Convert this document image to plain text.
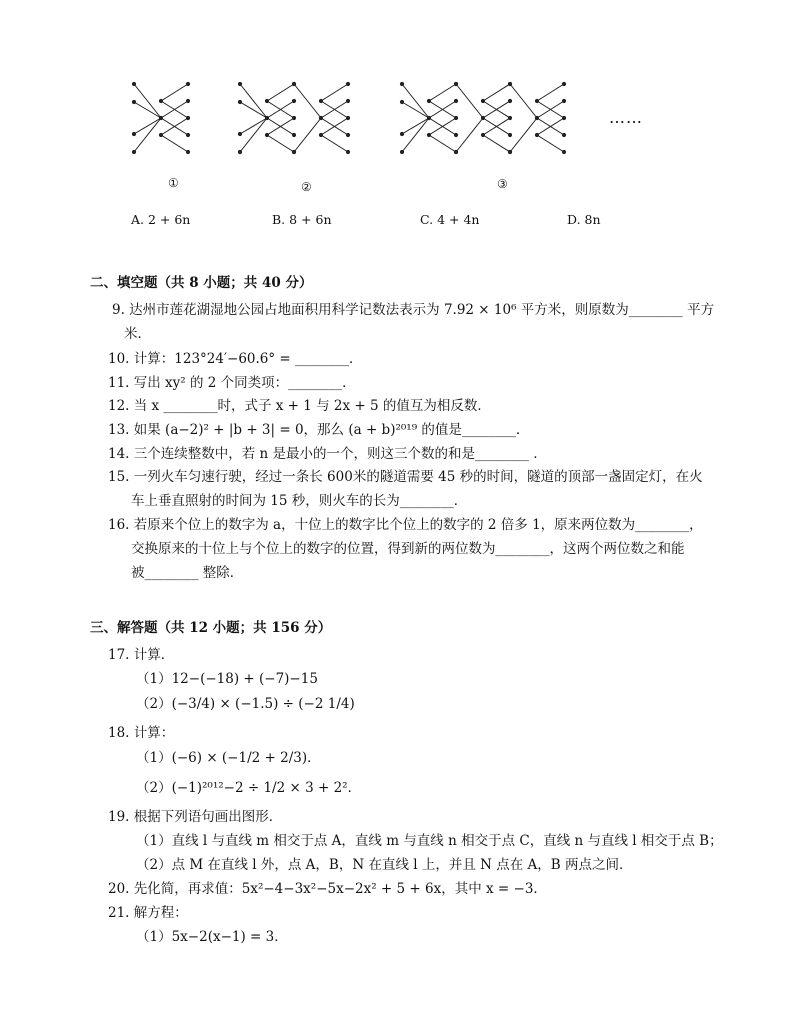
①	②	③
……
A. 2 + 6n	B. 8 + 6n	C. 4 + 4n	D. 8n
二、填空题（共 8 小题；共 40 分）
9. 达州市莲花湖湿地公园占地面积用科学记数法表示为 7.92 × 10⁶ 平方米，则原数为________ 平方
米．
10. 计算：123°24′−60.6° = ________．
11. 写出 xy² 的 2 个同类项：________．
12. 当 x ________时，式子 x + 1 与 2x + 5 的值互为相反数．
13. 如果 (a−2)² + |b + 3| = 0，那么 (a + b)²⁰¹⁹ 的值是________．
14. 三个连续整数中，若 n 是最小的一个，则这三个数的和是________ ．
15. 一列火车匀速行驶，经过一条长 600米的隧道需要 45 秒的时间，隧道的顶部一盏固定灯，在火
车上垂直照射的时间为 15 秒，则火车的长为________．
16. 若原来个位上的数字为 a，十位上的数字比个位上的数字的 2 倍多 1，原来两位数为________，
交换原来的十位上与个位上的数字的位置，得到新的两位数为________，这两个两位数之和能
被________ 整除．
三、解答题（共 12 小题；共 156 分）
17. 计算．
（1）12−(−18) + (−7)−15
（2）(−3/4) × (−1.5) ÷ (−2 1/4)
18. 计算：
（1）(−6) × (−1/2 + 2/3)．
（2）(−1)²⁰¹²−2 ÷ 1/2 × 3 + 2²．
19. 根据下列语句画出图形．
（1）直线 l 与直线 m 相交于点 A，直线 m 与直线 n 相交于点 C，直线 n 与直线 l 相交于点 B；
（2）点 M 在直线 l 外，点 A，B，N 在直线 l 上，并且 N 点在 A，B 两点之间．
20. 先化简，再求值：5x²−4−3x²−5x−2x² + 5 + 6x，其中 x = −3．
21. 解方程：
（1）5x−2(x−1) = 3．
